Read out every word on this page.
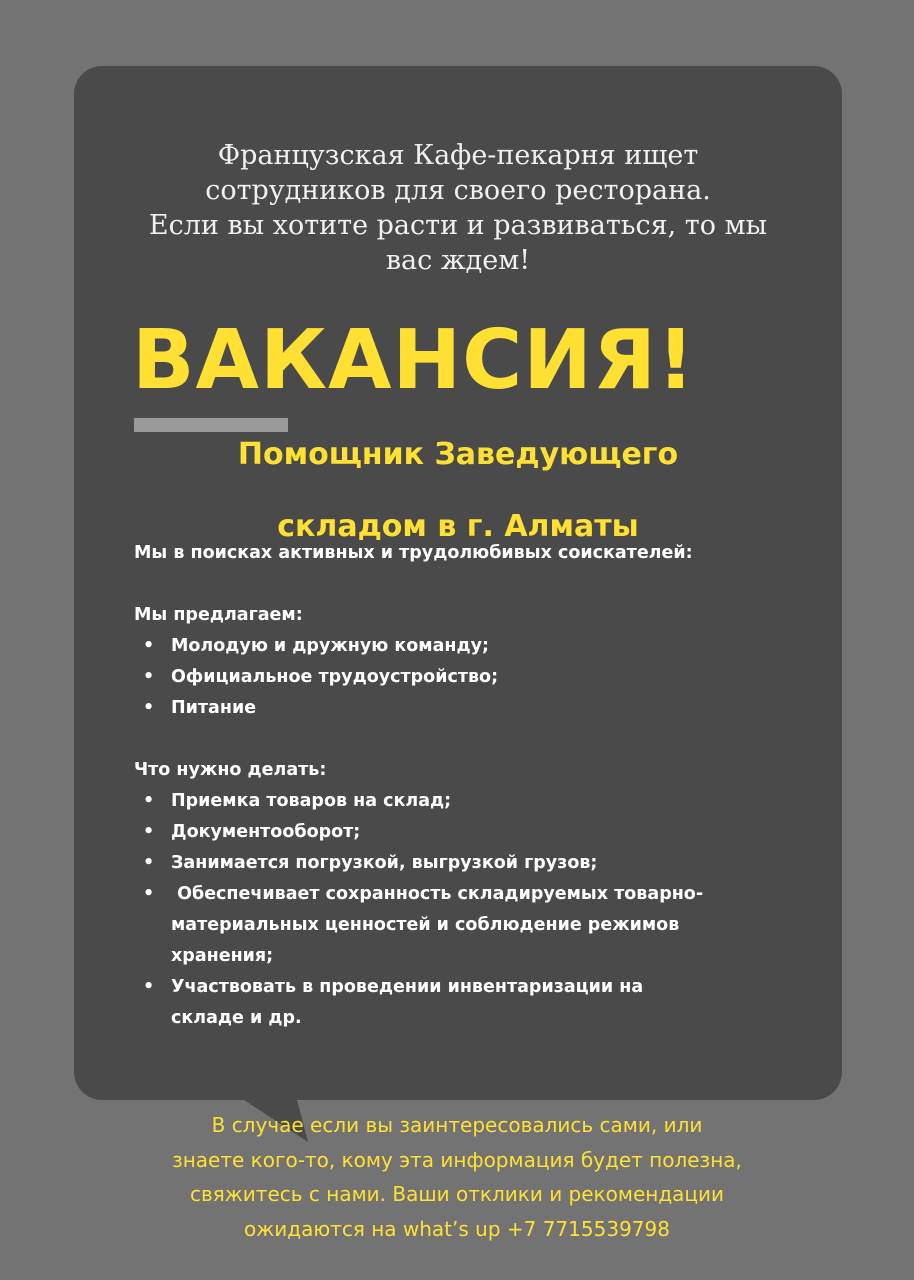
Французская Кафе-пекарня ищет
сотрудников для своего ресторана.
Если вы хотите расти и развиваться, то мы
вас ждем!
ВАКАНСИЯ!
Помощник Заведующего
складом в г. Алматы

Мы в поисках активных и трудолюбивых соискателей:

Мы предлагаем:

• Молодую и дружную команду;
• Официальное трудоустройство;
• Питание

Что нужно делать:

• Приемка товаров на склад;
• Документооборот;
• Занимается погрузкой, выгрузкой грузов;
•  Обеспечивает сохранность складируемых товарно-
материальных ценностей и соблюдение режимов
хранения;
• Участвовать в проведении инвентаризации на
складе и др.
В случае если вы заинтересовались сами, или
знаете кого-то, кому эта информация будет полезна,
свяжитесь с нами. Ваши отклики и рекомендации
ожидаются на what’s up +7 7715539798
